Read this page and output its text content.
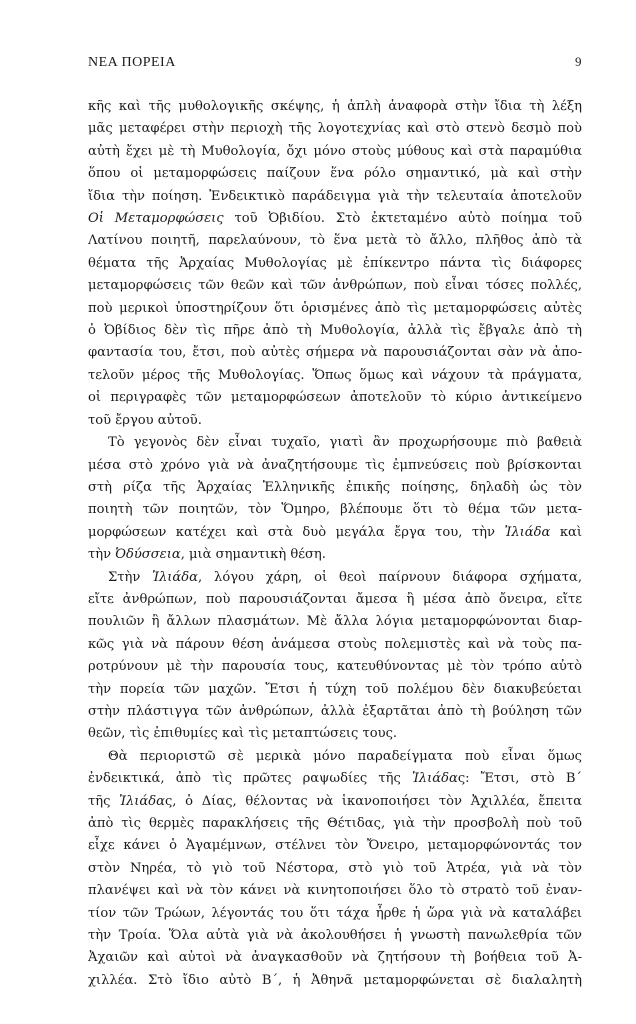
ΝΕΑ ΠΟΡΕΙΑ	9

κῆς καὶ τῆς μυθολογικῆς σκέψης, ἡ ἁπλὴ ἀναφορὰ στὴν ἴδια τὴ λέξη

μᾶς μεταφέρει στὴν περιοχὴ τῆς λογοτεχνίας καὶ στὸ στενὸ δεσμὸ ποὺ

αὐτὴ ἔχει μὲ τὴ Μυθολογία, ὄχι μόνο στοὺς μύθους καὶ στὰ παραμύθια

ὅπου οἱ μεταμορφώσεις παίζουν ἕνα ρόλο σημαντικό, μὰ καὶ στὴν

ἴδια τὴν ποίηση. Ἐνδεικτικὸ παράδειγμα γιὰ τὴν τελευταία ἀποτελοῦν

Οἱ Μεταμορφώσεις τοῦ Ὀβιδίου. Στὸ ἐκτεταμένο αὐτὸ ποίημα τοῦ

Λατίνου ποιητῆ, παρελαύνουν, τὸ ἕνα μετὰ τὸ ἄλλο, πλῆθος ἀπὸ τὰ

θέματα τῆς Ἀρχαίας Μυθολογίας μὲ ἐπίκεντρο πάντα τὶς διάφορες

μεταμορφώσεις τῶν θεῶν καὶ τῶν ἀνθρώπων, ποὺ εἶναι τόσες πολλές,

ποὺ μερικοὶ ὑποστηρίζουν ὅτι ὁρισμένες ἀπὸ τὶς μεταμορφώσεις αὐτὲς

ὁ Ὀβίδιος δὲν τὶς πῆρε ἀπὸ τὴ Μυθολογία, ἀλλὰ τὶς ἔβγαλε ἀπὸ τὴ

φαντασία του, ἔτσι, ποὺ αὐτὲς σήμερα νὰ παρουσιάζονται σὰν νὰ ἀπο-

τελοῦν μέρος τῆς Μυθολογίας. Ὅπως ὅμως καὶ νάχουν τὰ πράγματα,

οἱ περιγραφὲς τῶν μεταμορφώσεων ἀποτελοῦν τὸ κύριο ἀντικείμενο

τοῦ ἔργου αὐτοῦ.

Τὸ γεγονὸς δὲν εἶναι τυχαῖο, γιατὶ ἂν προχωρήσουμε πιὸ βαθειὰ

μέσα στὸ χρόνο γιὰ νὰ ἀναζητήσουμε τὶς ἐμπνεύσεις ποὺ βρίσκονται

στὴ ρίζα τῆς Ἀρχαίας Ἑλληνικῆς ἐπικῆς ποίησης, δηλαδὴ ὡς τὸν

ποιητὴ τῶν ποιητῶν, τὸν Ὅμηρο, βλέπουμε ὅτι τὸ θέμα τῶν μετα-

μορφώσεων κατέχει καὶ στὰ δυὸ μεγάλα ἔργα του, τὴν Ἰλιάδα καὶ

τὴν Ὀδύσσεια, μιὰ σημαντικὴ θέση.

Στὴν Ἰλιάδα, λόγου χάρη, οἱ θεοὶ παίρνουν διάφορα σχήματα,

εἴτε ἀνθρώπων, ποὺ παρουσιάζονται ἄμεσα ἢ μέσα ἀπὸ ὄνειρα, εἴτε

πουλιῶν ἢ ἄλλων πλασμάτων. Μὲ ἄλλα λόγια μεταμορφώνονται διαρ-

κῶς γιὰ νὰ πάρουν θέση ἀνάμεσα στοὺς πολεμιστὲς καὶ νὰ τοὺς πα-

ροτρύνουν μὲ τὴν παρουσία τους, κατευθύνοντας μὲ τὸν τρόπο αὐτὸ

τὴν πορεία τῶν μαχῶν. Ἔτσι ἡ τύχη τοῦ πολέμου δὲν διακυβεύεται

στὴν πλάστιγγα τῶν ἀνθρώπων, ἀλλὰ ἐξαρτᾶται ἀπὸ τὴ βούληση τῶν

θεῶν, τὶς ἐπιθυμίες καὶ τὶς μεταπτώσεις τους.

Θὰ περιοριστῶ σὲ μερικὰ μόνο παραδείγματα ποὺ εἶναι ὅμως

ἐνδεικτικά, ἀπὸ τὶς πρῶτες ραψωδίες τῆς Ἰλιάδας: Ἔτσι, στὸ Β΄

τῆς Ἰλιάδας, ὁ Δίας, θέλοντας νὰ ἱκανοποιήσει τὸν Ἀχιλλέα, ἔπειτα

ἀπὸ τὶς θερμὲς παρακλήσεις τῆς Θέτιδας, γιὰ τὴν προσβολὴ ποὺ τοῦ

εἶχε κάνει ὁ Ἀγαμέμνων, στέλνει τὸν Ὄνειρο, μεταμορφώνοντάς τον

στὸν Νηρέα, τὸ γιὸ τοῦ Νέστορα, στὸ γιὸ τοῦ Ἀτρέα, γιὰ νὰ τὸν

πλανέψει καὶ νὰ τὸν κάνει νὰ κινητοποιήσει ὅλο τὸ στρατὸ τοῦ ἐναν-

τίον τῶν Τρώων, λέγοντάς του ὅτι τάχα ἦρθε ἡ ὥρα γιὰ νὰ καταλάβει

τὴν Τροία. Ὅλα αὐτὰ γιὰ νὰ ἀκολουθήσει ἡ γνωστὴ πανωλεθρία τῶν

Ἀχαιῶν καὶ αὐτοὶ νὰ ἀναγκασθοῦν νὰ ζητήσουν τὴ βοήθεια τοῦ Ἀ-

χιλλέα. Στὸ ἴδιο αὐτὸ Β΄, ἡ Ἀθηνᾶ μεταμορφώνεται σὲ διαλαλητὴ
